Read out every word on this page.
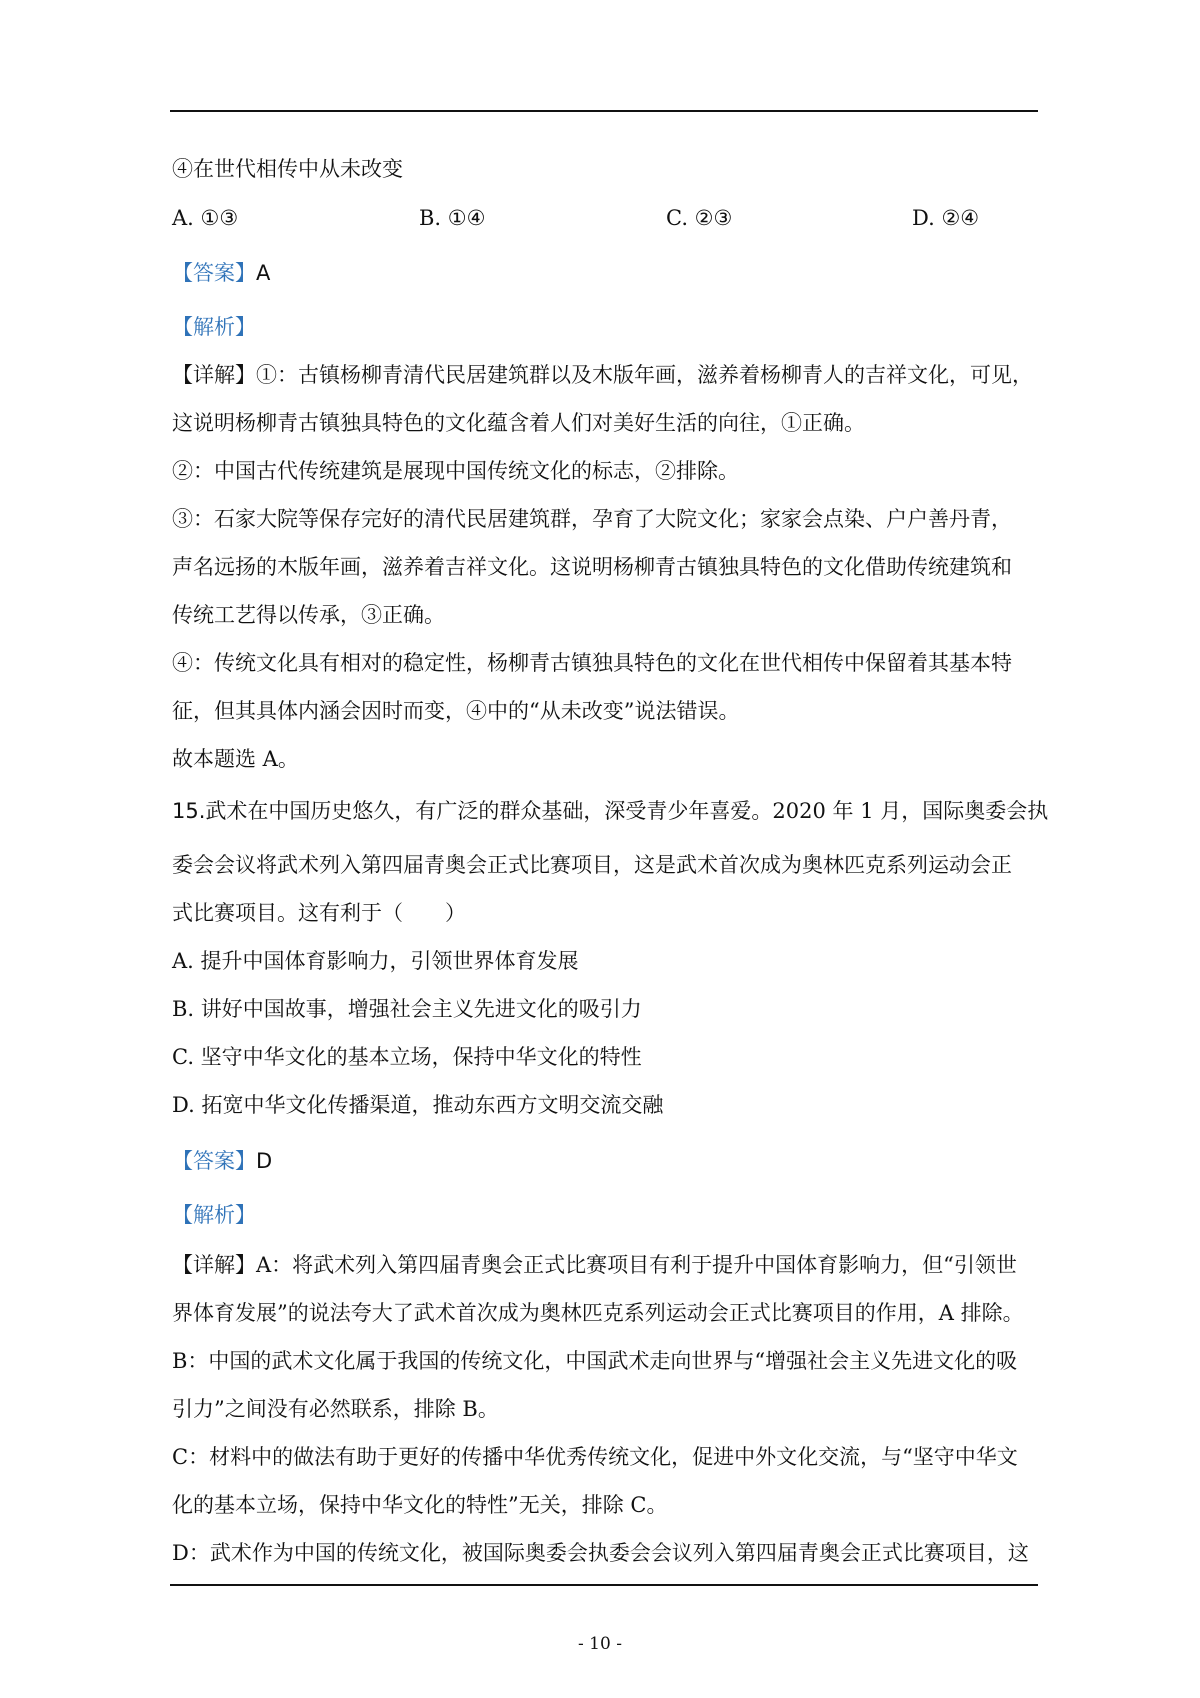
④在世代相传中从未改变
A. ①③	B. ①④	C. ②③	D. ②④
【答案】A
【解析】
【详解】①：古镇杨柳青清代民居建筑群以及木版年画，滋养着杨柳青人的吉祥文化，可见，
这说明杨柳青古镇独具特色的文化蕴含着人们对美好生活的向往，①正确。
②：中国古代传统建筑是展现中国传统文化的标志，②排除。
③：石家大院等保存完好的清代民居建筑群，孕育了大院文化；家家会点染、户户善丹青，
声名远扬的木版年画，滋养着吉祥文化。这说明杨柳青古镇独具特色的文化借助传统建筑和
传统工艺得以传承，③正确。
④：传统文化具有相对的稳定性，杨柳青古镇独具特色的文化在世代相传中保留着其基本特
征，但其具体内涵会因时而变，④中的“从未改变”说法错误。
故本题选 A。
15.武术在中国历史悠久，有广泛的群众基础，深受青少年喜爱。2020 年 1 月，国际奥委会执
委会会议将武术列入第四届青奥会正式比赛项目，这是武术首次成为奥林匹克系列运动会正
式比赛项目。这有利于（　　）
A. 提升中国体育影响力，引领世界体育发展
B. 讲好中国故事，增强社会主义先进文化的吸引力
C. 坚守中华文化的基本立场，保持中华文化的特性
D. 拓宽中华文化传播渠道，推动东西方文明交流交融
【答案】D
【解析】
【详解】A：将武术列入第四届青奥会正式比赛项目有利于提升中国体育影响力，但“引领世
界体育发展”的说法夸大了武术首次成为奥林匹克系列运动会正式比赛项目的作用，A 排除。
B：中国的武术文化属于我国的传统文化，中国武术走向世界与“增强社会主义先进文化的吸
引力”之间没有必然联系，排除 B。
C：材料中的做法有助于更好的传播中华优秀传统文化，促进中外文化交流，与“坚守中华文
化的基本立场，保持中华文化的特性”无关，排除 C。
D：武术作为中国的传统文化，被国际奥委会执委会会议列入第四届青奥会正式比赛项目，这
- 10 -
